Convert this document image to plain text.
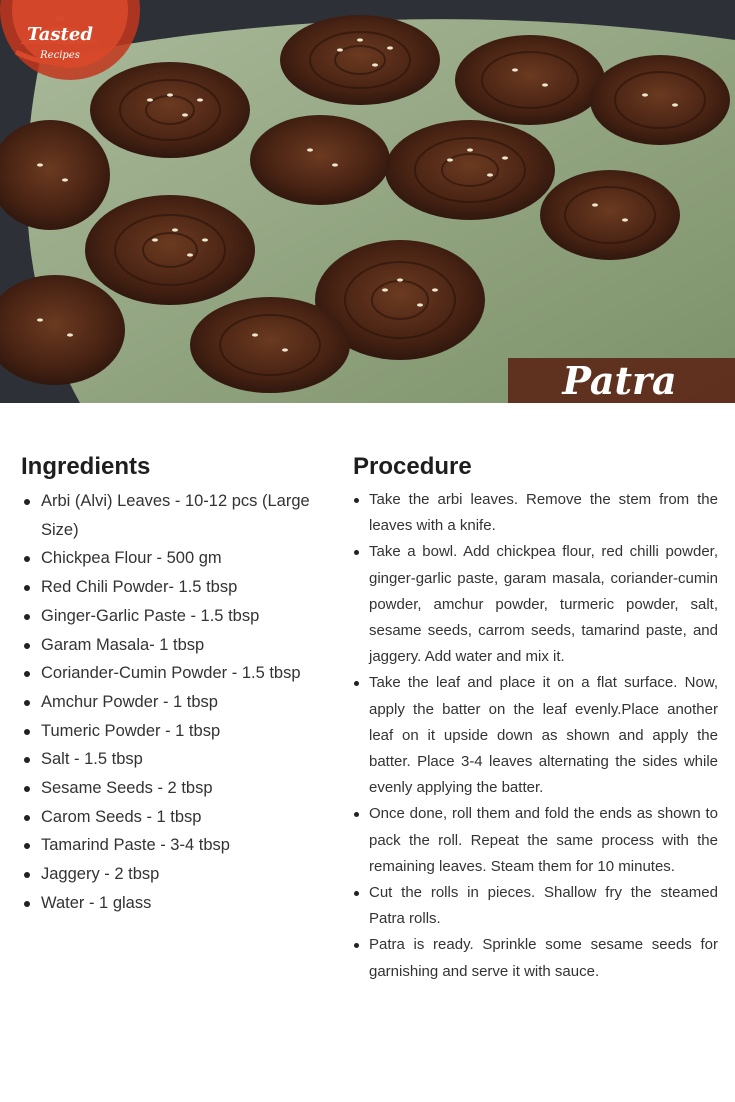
Tasted
Recipes
Patra
Ingredients
Arbi (Alvi) Leaves - 10-12 pcs (Large Size)
Chickpea Flour - 500 gm
Red Chili Powder- 1.5 tbsp
Ginger-Garlic Paste - 1.5 tbsp
Garam Masala- 1 tbsp
Coriander-Cumin Powder - 1.5 tbsp
Amchur Powder - 1 tbsp
Tumeric Powder - 1 tbsp
Salt - 1.5 tbsp
Sesame Seeds - 2 tbsp
Carom Seeds - 1 tbsp
Tamarind Paste - 3-4 tbsp
Jaggery - 2 tbsp
Water - 1 glass
Procedure
Take the arbi leaves. Remove the stem from the leaves with a knife.
Take a bowl. Add chickpea flour, red chilli powder, ginger-garlic paste, garam masala, coriander-cumin powder, amchur powder, turmeric powder, salt, sesame seeds, carrom seeds, tamarind paste, and jaggery. Add water and mix it.
Take the leaf and place it on a flat surface. Now, apply the batter on the leaf evenly.Place another leaf on it upside down as shown and apply the batter. Place 3-4 leaves alternating the sides while evenly applying the batter.
Once done, roll them and fold the ends as shown to pack the roll. Repeat the same process with the remaining leaves. Steam them for 10 minutes.
Cut the rolls in pieces. Shallow fry the steamed Patra rolls.
Patra is ready. Sprinkle some sesame seeds for garnishing and serve it with sauce.
